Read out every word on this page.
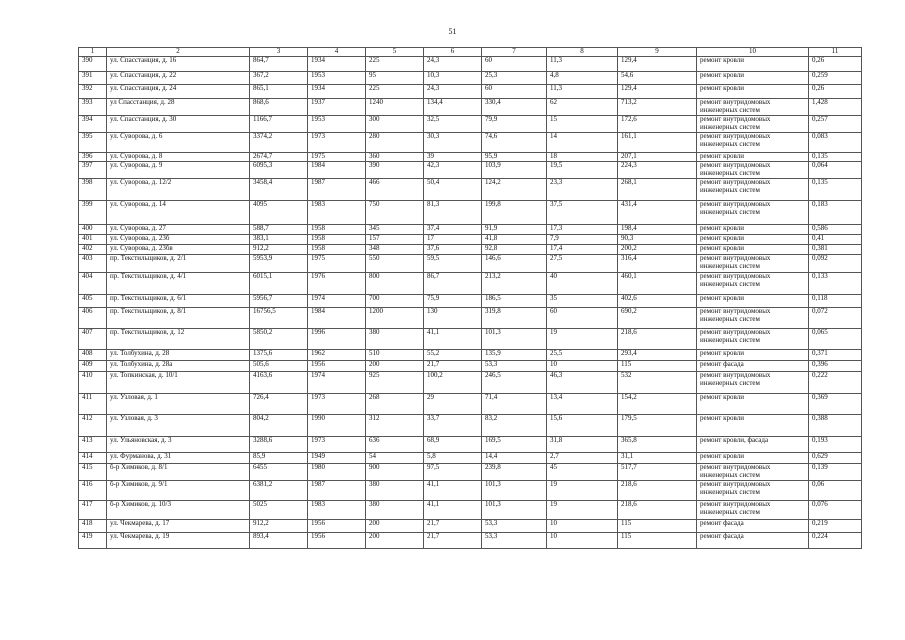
51
1	2	3	4	5	6	7	8	9	10	11
390	ул. Спасстанция, д. 16	864,7	1934	225	24,3	60	11,3	129,4	ремонт кровли	0,26
391	ул. Спасстанция, д. 22	367,2	1953	95	10,3	25,3	4,8	54,6	ремонт кровли	0,259
392	ул. Спасстанция, д. 24	865,1	1934	225	24,3	60	11,3	129,4	ремонт кровли	0,26
393	ул Спасстанция, д. 28	868,6	1937	1240	134,4	330,4	62	713,2	ремонт внутридомовых инженерных систем	1,428
394	ул. Спасстанция, д. 30	1166,7	1953	300	32,5	79,9	15	172,6	ремонт внутридомовых инженерных систем	0,257
395	ул. Суворова, д. 6	3374,2	1973	280	30,3	74,6	14	161,1	ремонт внутридомовых инженерных систем	0,083
396	ул. Суворова, д. 8	2674,7	1975	360	39	95,9	18	207,1	ремонт кровли	0,135
397	ул. Суворова, д. 9	6095,3	1984	390	42,3	103,9	19,5	224,3	ремонт внутридомовых инженерных систем	0,064
398	ул. Суворова, д. 12/2	3458,4	1987	466	50,4	124,2	23,3	268,1	ремонт внутридомовых инженерных систем	0,135
399	ул. Суворова, д. 14	4095	1983	750	81,3	199,8	37,5	431,4	ремонт внутридомовых инженерных систем	0,183
400	ул. Суворова, д. 27	588,7	1958	345	37,4	91,9	17,3	198,4	ремонт кровли	0,586
401	ул. Суворова, д. 23б	383,1	1958	157	17	41,8	7,9	90,3	ремонт кровли	0,41
402	ул. Суворова, д. 23бв	912,2	1958	348	37,6	92,8	17,4	200,2	ремонт кровли	0,381
403	пр. Текстильщиков, д. 2/1	5953,9	1975	550	59,5	146,6	27,5	316,4	ремонт внутридомовых инженерных систем	0,092
404	пр. Текстильщиков, д. 4/1	6015,1	1976	800	86,7	213,2	40	460,1	ремонт внутридомовых инженерных систем	0,133
405	пр. Текстильщиков, д. 6/1	5956,7	1974	700	75,9	186,5	35	402,6	ремонт кровли	0,118
406	пр. Текстильщиков, д. 8/1	16756,5	1984	1200	130	319,8	60	690,2	ремонт внутридомовых инженерных систем	0,072
407	пр. Текстильщиков, д. 12	5850,2	1996	380	41,1	101,3	19	218,6	ремонт внутридомовых инженерных систем	0,065
408	ул. Толбухина, д. 28	1375,6	1962	510	55,2	135,9	25,5	293,4	ремонт кровли	0,371
409	ул. Толбухина, д. 28а	505,6	1956	200	21,7	53,3	10	115	ремонт фасада	0,396
410	ул. Топкинская, д. 10/1	4163,6	1974	925	100,2	246,5	46,3	532	ремонт внутридомовых инженерных систем	0,222
411	ул. Узловая, д. 1	726,4	1973	268	29	71,4	13,4	154,2	ремонт кровли	0,369
412	ул. Узловая, д. 3	804,2	1990	312	33,7	83,2	15,6	179,5	ремонт кровли	0,388
413	ул. Ульяновская, д. 3	3288,6	1973	636	68,9	169,5	31,8	365,8	ремонт кровли, фасада	0,193
414	ул. Фурманова, д. 31	85,9	1949	54	5,8	14,4	2,7	31,1	ремонт кровли	0,629
415	б-р Химиков, д. 8/1	6455	1980	900	97,5	239,8	45	517,7	ремонт внутридомовых инженерных систем	0,139
416	б-р Химиков, д. 9/1	6381,2	1987	380	41,1	101,3	19	218,6	ремонт внутридомовых инженерных систем	0,06
417	б-р Химиков, д. 10/3	5025	1983	380	41,1	101,3	19	218,6	ремонт внутридомовых инженерных систем	0,076
418	ул. Чекмарева, д. 17	912,2	1956	200	21,7	53,3	10	115	ремонт фасада	0,219
419	ул. Чекмарева, д. 19	893,4	1956	200	21,7	53,3	10	115	ремонт фасада	0,224
